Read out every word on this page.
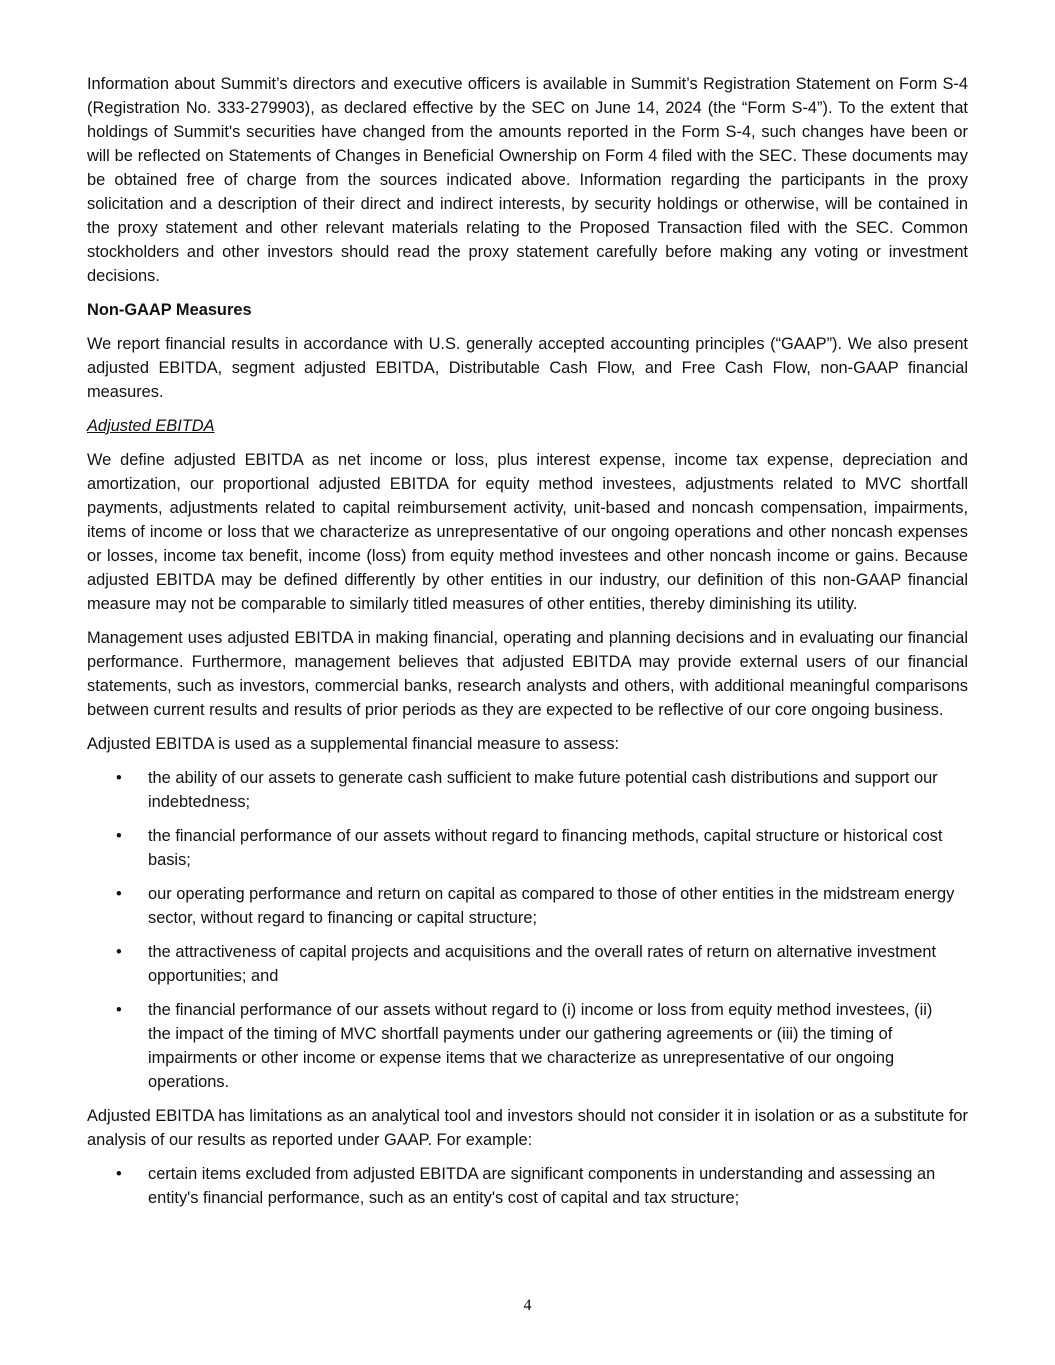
Information about Summit’s directors and executive officers is available in Summit’s Registration Statement on Form S-4 (Registration No. 333-279903), as declared effective by the SEC on June 14, 2024 (the “Form S-4”). To the extent that holdings of Summit's securities have changed from the amounts reported in the Form S-4, such changes have been or will be reflected on Statements of Changes in Beneficial Ownership on Form 4 filed with the SEC. These documents may be obtained free of charge from the sources indicated above. Information regarding the participants in the proxy solicitation and a description of their direct and indirect interests, by security holdings or otherwise, will be contained in the proxy statement and other relevant materials relating to the Proposed Transaction filed with the SEC. Common stockholders and other investors should read the proxy statement carefully before making any voting or investment decisions.

Non-GAAP Measures

We report financial results in accordance with U.S. generally accepted accounting principles (“GAAP”). We also present adjusted EBITDA, segment adjusted EBITDA, Distributable Cash Flow, and Free Cash Flow, non-GAAP financial measures.

Adjusted EBITDA

We define adjusted EBITDA as net income or loss, plus interest expense, income tax expense, depreciation and amortization, our proportional adjusted EBITDA for equity method investees, adjustments related to MVC shortfall payments, adjustments related to capital reimbursement activity, unit-based and noncash compensation, impairments, items of income or loss that we characterize as unrepresentative of our ongoing operations and other noncash expenses or losses, income tax benefit, income (loss) from equity method investees and other noncash income or gains. Because adjusted EBITDA may be defined differently by other entities in our industry, our definition of this non-GAAP financial measure may not be comparable to similarly titled measures of other entities, thereby diminishing its utility.

Management uses adjusted EBITDA in making financial, operating and planning decisions and in evaluating our financial performance. Furthermore, management believes that adjusted EBITDA may provide external users of our financial statements, such as investors, commercial banks, research analysts and others, with additional meaningful comparisons between current results and results of prior periods as they are expected to be reflective of our core ongoing business.

Adjusted EBITDA is used as a supplemental financial measure to assess:

• the ability of our assets to generate cash sufficient to make future potential cash distributions and support our indebtedness;
• the financial performance of our assets without regard to financing methods, capital structure or historical cost basis;
• our operating performance and return on capital as compared to those of other entities in the midstream energy sector, without regard to financing or capital structure;
• the attractiveness of capital projects and acquisitions and the overall rates of return on alternative investment opportunities; and
• the financial performance of our assets without regard to (i) income or loss from equity method investees, (ii) the impact of the timing of MVC shortfall payments under our gathering agreements or (iii) the timing of impairments or other income or expense items that we characterize as unrepresentative of our ongoing operations.

Adjusted EBITDA has limitations as an analytical tool and investors should not consider it in isolation or as a substitute for analysis of our results as reported under GAAP. For example:

• certain items excluded from adjusted EBITDA are significant components in understanding and assessing an entity's financial performance, such as an entity's cost of capital and tax structure;
4
